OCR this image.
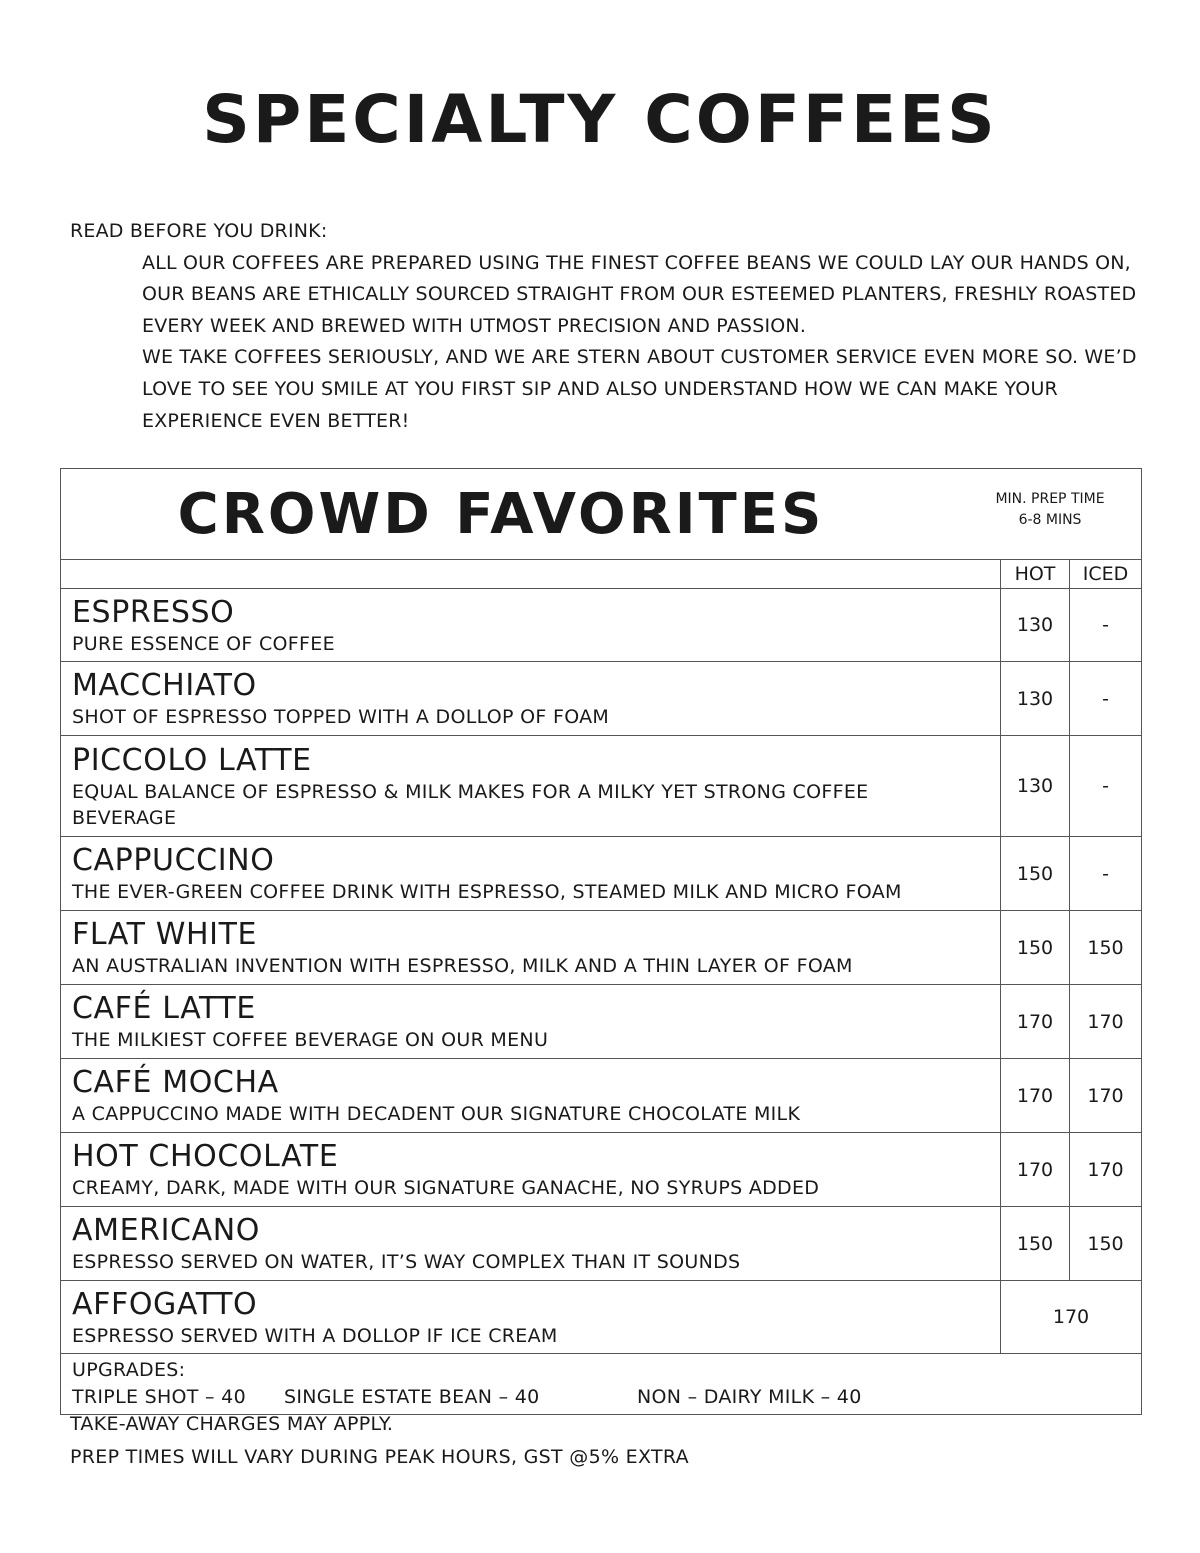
SPECIALTY COFFEES
READ BEFORE YOU DRINK:
ALL OUR COFFEES ARE PREPARED USING THE FINEST COFFEE BEANS WE COULD LAY OUR HANDS ON, OUR BEANS ARE ETHICALLY SOURCED STRAIGHT FROM OUR ESTEEMED PLANTERS, FRESHLY ROASTED EVERY WEEK AND BREWED WITH UTMOST PRECISION AND PASSION.
WE TAKE COFFEES SERIOUSLY, AND WE ARE STERN ABOUT CUSTOMER SERVICE EVEN MORE SO. WE’D LOVE TO SEE YOU SMILE AT YOU FIRST SIP AND ALSO UNDERSTAND HOW WE CAN MAKE YOUR EXPERIENCE EVEN BETTER!
CROWD FAVORITES MIN. PREP TIME
6-8 MINS		

	HOT	ICED

ESPRESSO
PURE ESSENCE OF COFFEE	130	-

MACCHIATO
SHOT OF ESPRESSO TOPPED WITH A DOLLOP OF FOAM	130	-

PICCOLO LATTE
EQUAL BALANCE OF ESPRESSO & MILK MAKES FOR A MILKY YET STRONG COFFEE BEVERAGE	130	-

CAPPUCCINO
THE EVER-GREEN COFFEE DRINK WITH ESPRESSO, STEAMED MILK AND MICRO FOAM	150	-

FLAT WHITE
AN AUSTRALIAN INVENTION WITH ESPRESSO, MILK AND A THIN LAYER OF FOAM	150	150

CAFÉ LATTE
THE MILKIEST COFFEE BEVERAGE ON OUR MENU	170	170

CAFÉ MOCHA
A CAPPUCCINO MADE WITH DECADENT OUR SIGNATURE CHOCOLATE MILK	170	170

HOT CHOCOLATE
CREAMY, DARK, MADE WITH OUR SIGNATURE GANACHE, NO SYRUPS ADDED	170	170

AMERICANO
ESPRESSO SERVED ON WATER, IT’S WAY COMPLEX THAN IT SOUNDS	150	150

AFFOGATTO
ESPRESSO SERVED WITH A DOLLOP IF ICE CREAM	170	

UPGRADES:
TRIPLE SHOT – 40 SINGLE ESTATE BEAN – 40 NON – DAIRY MILK – 40		
TAKE-AWAY CHARGES MAY APPLY.
PREP TIMES WILL VARY DURING PEAK HOURS, GST @5% EXTRA
